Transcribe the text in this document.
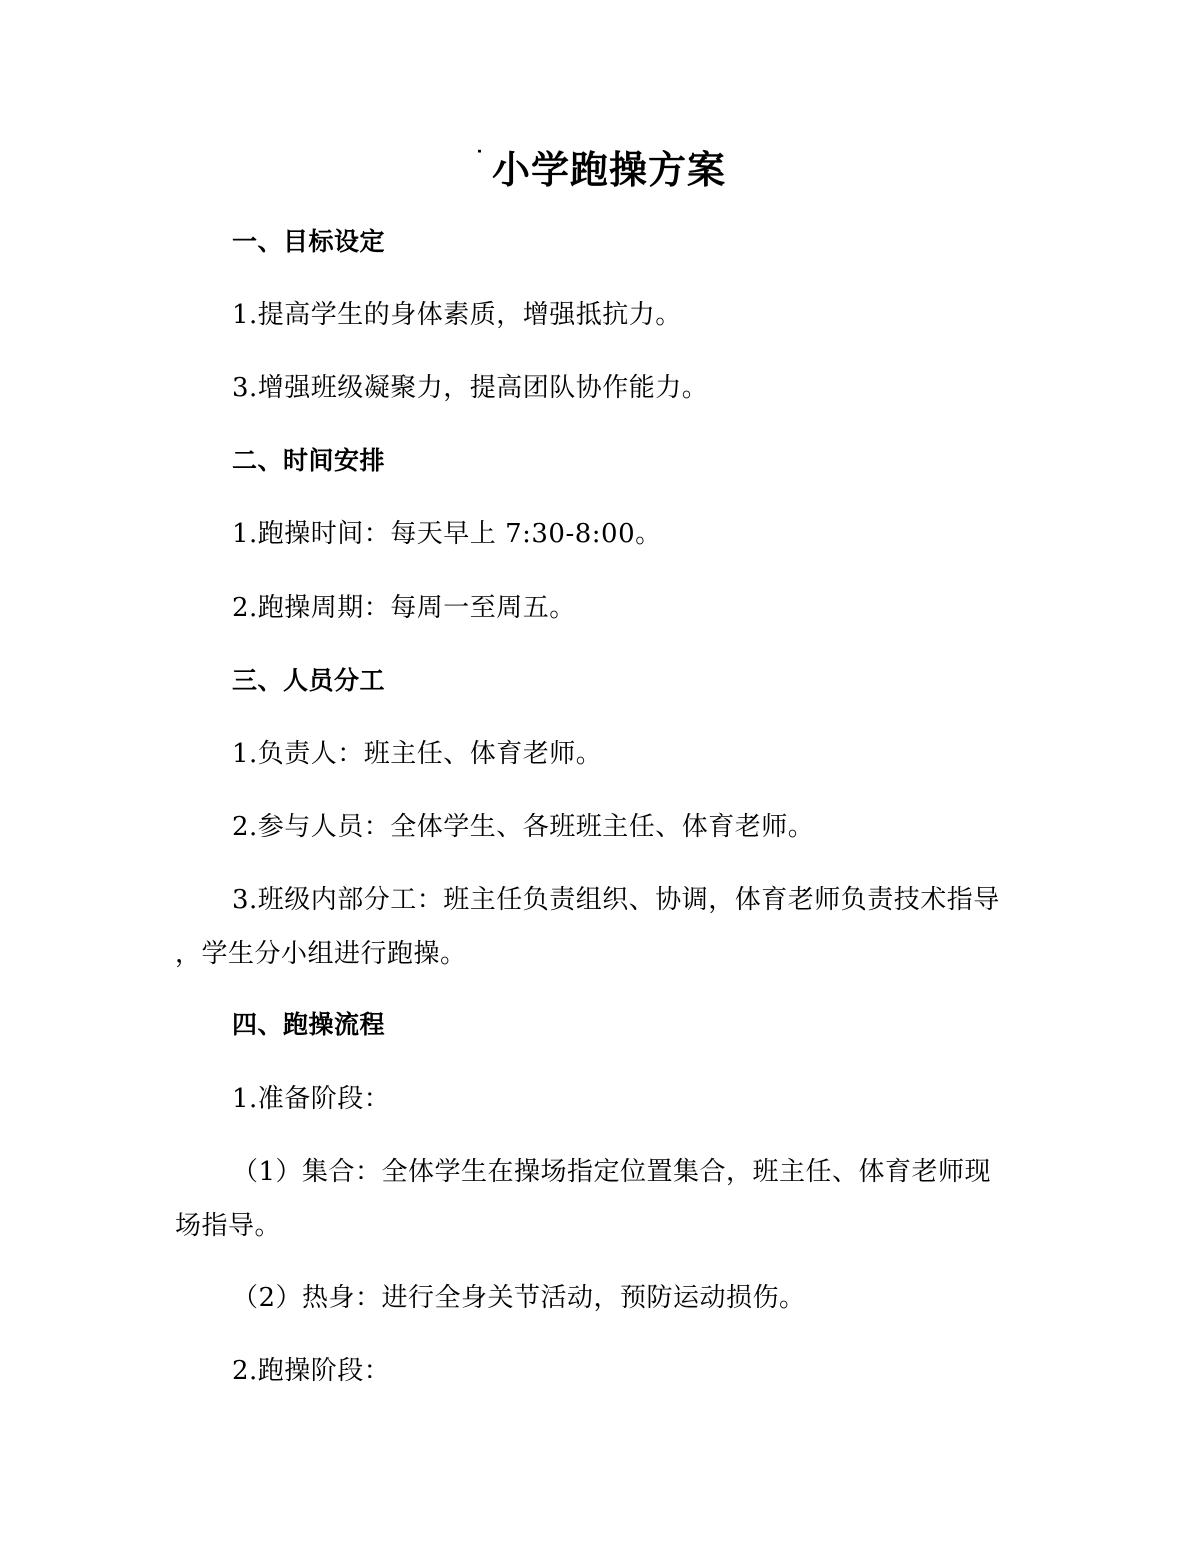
˙ 小学跑操方案
一、目标设定
1.提高学生的身体素质，增强抵抗力。
3.增强班级凝聚力，提高团队协作能力。
二、时间安排
1.跑操时间：每天早上 7:30-8:00。
2.跑操周期：每周一至周五。
三、人员分工
1.负责人：班主任、体育老师。
2.参与人员：全体学生、各班班主任、体育老师。
3.班级内部分工：班主任负责组织、协调，体育老师负责技术指导
，学生分小组进行跑操。
四、跑操流程
1.准备阶段：
（1）集合：全体学生在操场指定位置集合，班主任、体育老师现
场指导。
（2）热身：进行全身关节活动，预防运动损伤。
2.跑操阶段：
